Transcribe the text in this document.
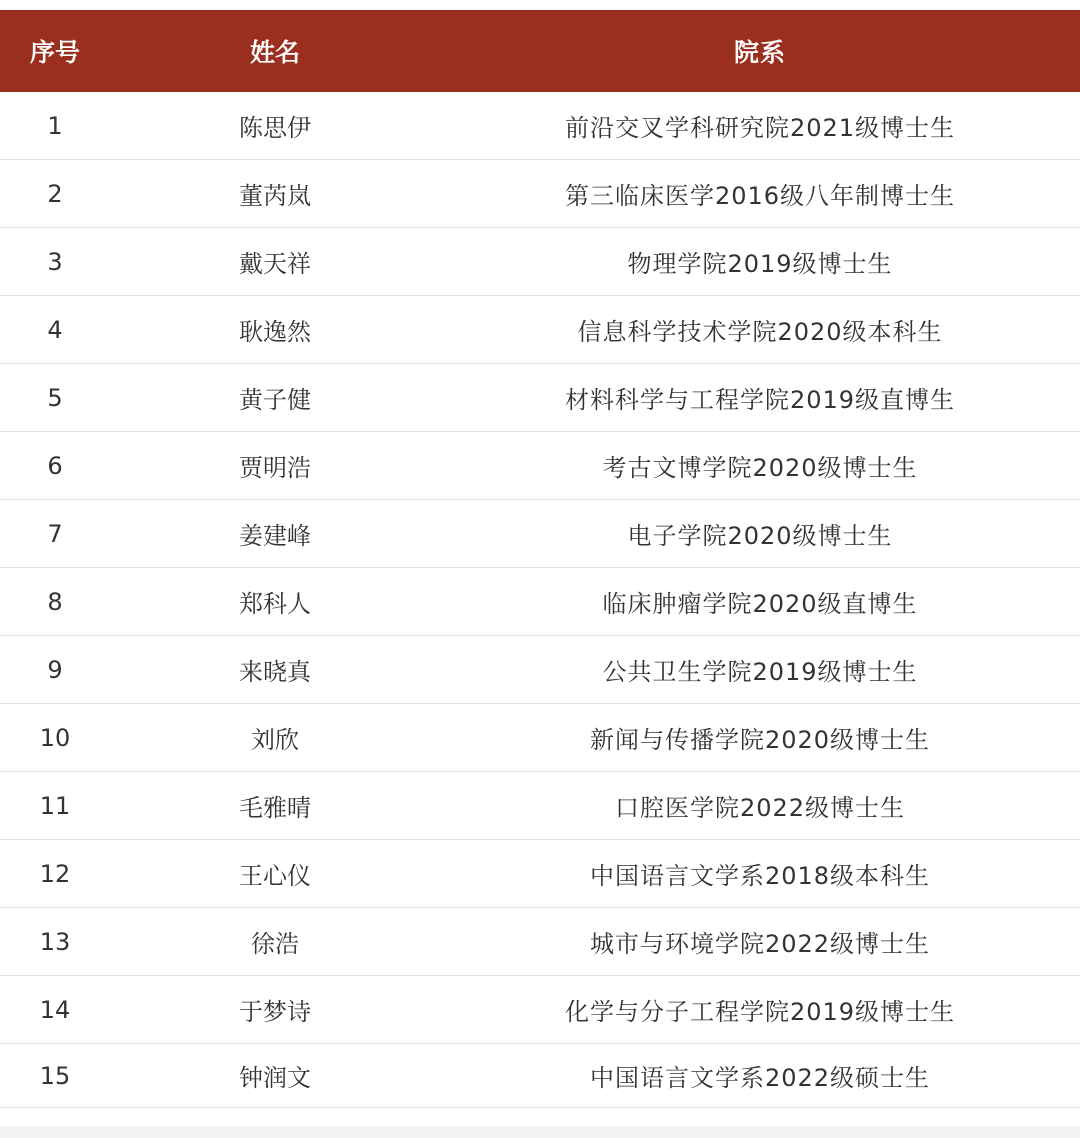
序号	姓名	院系
1	陈思伊	前沿交叉学科研究院2021级博士生
2	董芮岚	第三临床医学2016级八年制博士生
3	戴天祥	物理学院2019级博士生
4	耿逸然	信息科学技术学院2020级本科生
5	黄子健	材料科学与工程学院2019级直博生
6	贾明浩	考古文博学院2020级博士生
7	姜建峰	电子学院2020级博士生
8	郑科人	临床肿瘤学院2020级直博生
9	来晓真	公共卫生学院2019级博士生
10	刘欣	新闻与传播学院2020级博士生
11	毛雅晴	口腔医学院2022级博士生
12	王心仪	中国语言文学系2018级本科生
13	徐浩	城市与环境学院2022级博士生
14	于梦诗	化学与分子工程学院2019级博士生
15	钟润文	中国语言文学系2022级硕士生
